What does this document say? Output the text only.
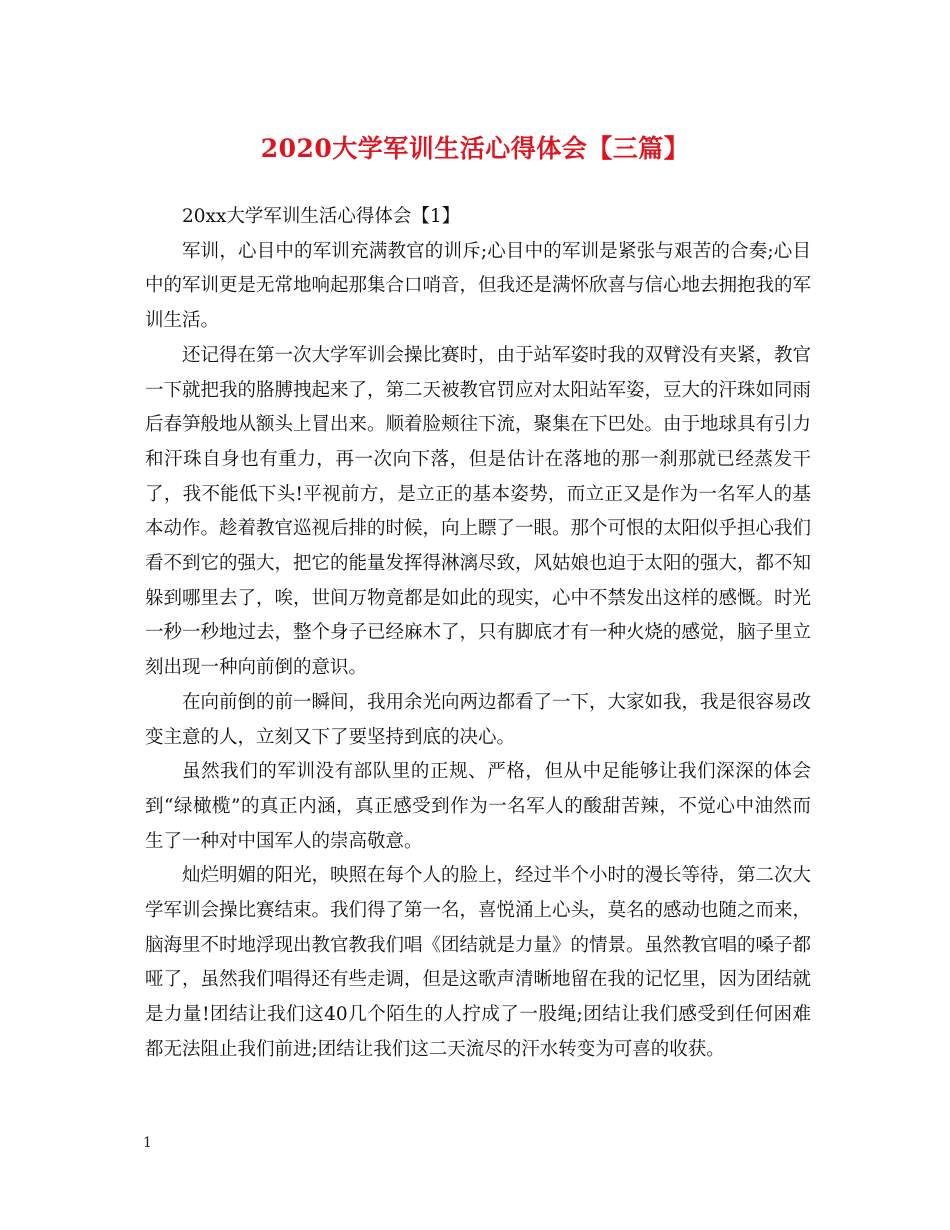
2020大学军训生活心得体会【三篇】

20xx大学军训生活心得体会【1】

军训，心目中的军训充满教官的训斥;心目中的军训是紧张与艰苦的合奏;心目中的军训更是无常地响起那集合口哨音，但我还是满怀欣喜与信心地去拥抱我的军训生活。

还记得在第一次大学军训会操比赛时，由于站军姿时我的双臂没有夹紧，教官一下就把我的胳膊拽起来了，第二天被教官罚应对太阳站军姿，豆大的汗珠如同雨后春笋般地从额头上冒出来。顺着脸颊往下流，聚集在下巴处。由于地球具有引力和汗珠自身也有重力，再一次向下落，但是估计在落地的那一刹那就已经蒸发干了，我不能低下头!平视前方，是立正的基本姿势，而立正又是作为一名军人的基本动作。趁着教官巡视后排的时候，向上瞟了一眼。那个可恨的太阳似乎担心我们看不到它的强大，把它的能量发挥得淋漓尽致，风姑娘也迫于太阳的强大，都不知躲到哪里去了，唉，世间万物竟都是如此的现实，心中不禁发出这样的感慨。时光一秒一秒地过去，整个身子已经麻木了，只有脚底才有一种火烧的感觉，脑子里立刻出现一种向前倒的意识。

在向前倒的前一瞬间，我用余光向两边都看了一下，大家如我，我是很容易改变主意的人，立刻又下了要坚持到底的决心。

虽然我们的军训没有部队里的正规、严格，但从中足能够让我们深深的体会到“绿橄榄”的真正内涵，真正感受到作为一名军人的酸甜苦辣，不觉心中油然而生了一种对中国军人的崇高敬意。

灿烂明媚的阳光，映照在每个人的脸上，经过半个小时的漫长等待，第二次大学军训会操比赛结束。我们得了第一名，喜悦涌上心头，莫名的感动也随之而来，脑海里不时地浮现出教官教我们唱《团结就是力量》的情景。虽然教官唱的嗓子都哑了，虽然我们唱得还有些走调，但是这歌声清晰地留在我的记忆里，因为团结就是力量!团结让我们这40几个陌生的人拧成了一股绳;团结让我们感受到任何困难都无法阻止我们前进;团结让我们这二天流尽的汗水转变为可喜的收获。

1
